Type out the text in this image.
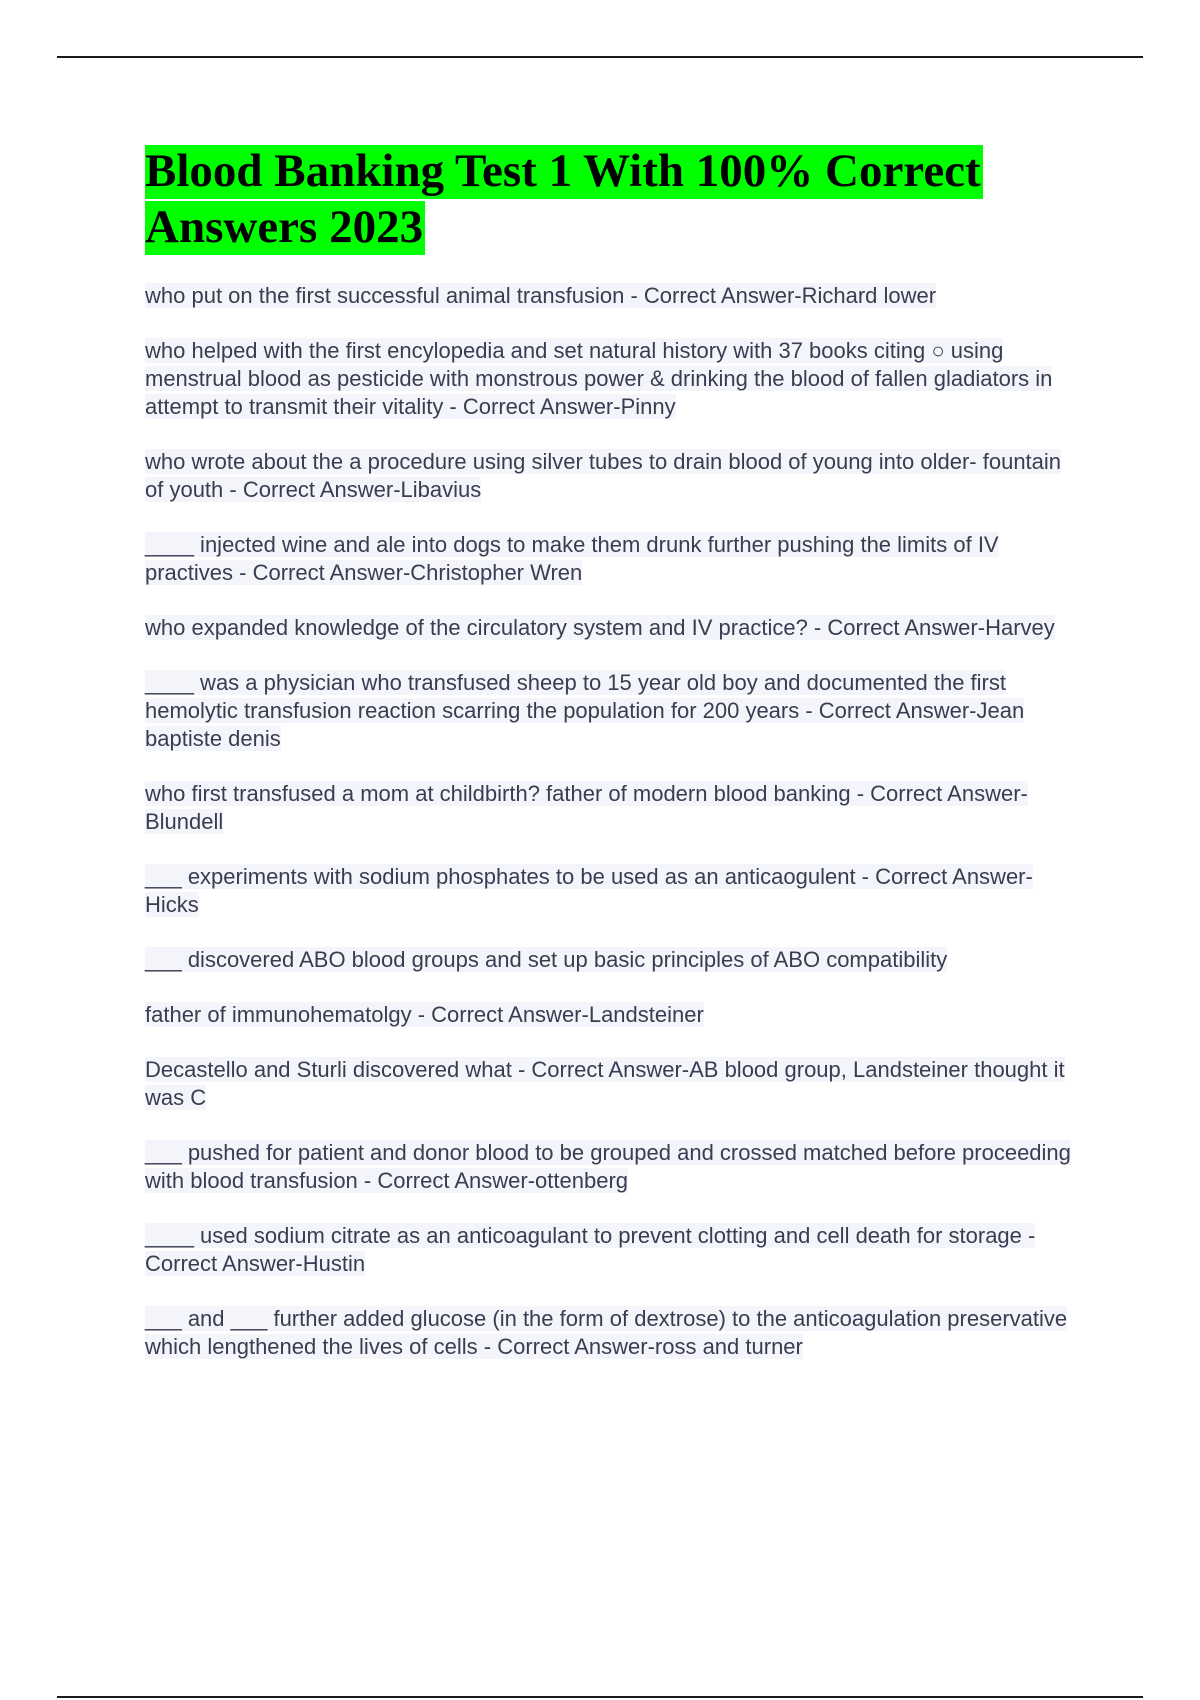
Blood Banking Test 1 With 100% Correct Answers 2023
who put on the first successful animal transfusion - Correct Answer-Richard lower
who helped with the first encylopedia and set natural history with 37 books citing ○ using menstrual blood as pesticide with monstrous power & drinking the blood of fallen gladiators in attempt to transmit their vitality - Correct Answer-Pinny
who wrote about the a procedure using silver tubes to drain blood of young into older- fountain of youth - Correct Answer-Libavius
____ injected wine and ale into dogs to make them drunk further pushing the limits of IV practives - Correct Answer-Christopher Wren
who expanded knowledge of the circulatory system and IV practice? - Correct Answer-Harvey
____ was a physician who transfused sheep to 15 year old boy and documented the first hemolytic transfusion reaction scarring the population for 200 years - Correct Answer-Jean baptiste denis
who first transfused a mom at childbirth? father of modern blood banking - Correct Answer-Blundell
___ experiments with sodium phosphates to be used as an anticaogulent - Correct Answer-Hicks
___ discovered ABO blood groups and set up basic principles of ABO compatibility
father of immunohematolgy - Correct Answer-Landsteiner
Decastello and Sturli discovered what - Correct Answer-AB blood group, Landsteiner thought it was C
___ pushed for patient and donor blood to be grouped and crossed matched before proceeding with blood transfusion - Correct Answer-ottenberg
____ used sodium citrate as an anticoagulant to prevent clotting and cell death for storage - Correct Answer-Hustin
___ and ___ further added glucose (in the form of dextrose) to the anticoagulation preservative which lengthened the lives of cells - Correct Answer-ross and turner
